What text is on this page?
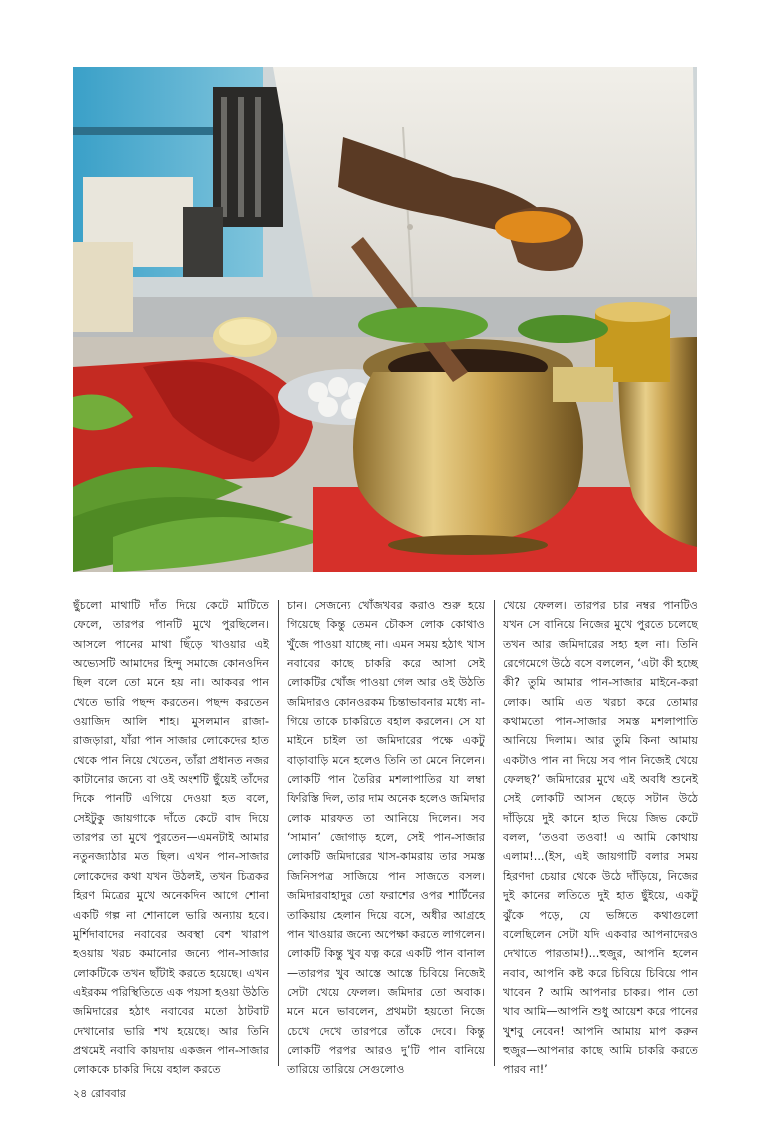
ছুঁচলো মাথাটি দাঁত দিয়ে কেটে মাটিতে ফেলে, তারপর পানটি মুখে পুরছিলেন। আসলে পানের মাথা ছিঁড়ে খাওয়ার এই অভ্যেসটি আমাদের হিন্দু সমাজে কোনওদিন ছিল বলে তো মনে হয় না। আকবর পান খেতে ভারি পছন্দ করতেন। পছন্দ করতেন ওয়াজিদ আলি শাহ। মুসলমান রাজা-রাজড়ারা, যাঁরা পান সাজার লোকেদের হাত থেকে পান নিয়ে খেতেন, তাঁরা প্রধানত নজর কাটানোর জন্যে বা ওই অংশটি ছুঁয়েই তাঁদের দিকে পানটি এগিয়ে দেওয়া হত বলে, সেইটুকু জায়গাকে দাঁতে কেটে বাদ দিয়ে তারপর তা মুখে পুরতেন—এমনটাই আমার নতুনজ্যাঠার মত ছিল। এখন পান-সাজার লোকেদের কথা যখন উঠলই, তখন চিত্রকর হিরণ মিত্রের মুখে অনেকদিন আগে শোনা একটি গল্প না শোনালে ভারি অন্যায় হবে। মুর্শিদাবাদের নবাবের অবস্থা বেশ খারাপ হওয়ায় খরচ কমানোর জন্যে পান-সাজার লোকটিকে তখন ছাঁটাই করতে হয়েছে। এখন এইরকম পরিস্থিতিতে এক পয়সা হওয়া উঠতি জমিদারের হঠাৎ নবাবের মতো ঠাটবাট দেখানোর ভারি শখ হয়েছে। আর তিনি প্রথমেই নবাবি কায়দায় একজন পান-সাজার লোককে চাকরি দিয়ে বহাল করতে
চান। সেজন্যে খোঁজখবর করাও শুরু হয়ে গিয়েছে কিন্তু তেমন চৌকস লোক কোথাও খুঁজে পাওয়া যাচ্ছে না। এমন সময় হঠাৎ খাস নবাবের কাছে চাকরি করে আসা সেই লোকটির খোঁজ পাওয়া গেল আর ওই উঠতি জমিদারও কোনওরকম চিন্তাভাবনার মধ্যে না-গিয়ে তাকে চাকরিতে বহাল করলেন। সে যা মাইনে চাইল তা জমিদারের পক্ষে একটু বাড়াবাড়ি মনে হলেও তিনি তা মেনে নিলেন। লোকটি পান তৈরির মশলাপাতির যা লম্বা ফিরিস্তি দিল, তার দাম অনেক হলেও জমিদার লোক মারফত তা আনিয়ে দিলেন। সব ‘সামান’ জোগাড় হলে, সেই পান-সাজার লোকটি জমিদারের খাস-কামরায় তার সমস্ত জিনিসপত্র সাজিয়ে পান সাজতে বসল। জমিদারবাহাদুর তো ফরাশের ওপর শার্টিনের তাকিয়ায় হেলান দিয়ে বসে, অধীর আগ্রহে পান খাওয়ার জন্যে অপেক্ষা করতে লাগলেন। লোকটি কিন্তু খুব যত্ন করে একটি পান বানাল—তারপর খুব আস্তে আস্তে চিবিয়ে নিজেই সেটা খেয়ে ফেলল। জমিদার তো অবাক। মনে মনে ভাবলেন, প্রথমটা হয়তো নিজে চেখে দেখে তারপরে তাঁকে দেবে। কিন্তু লোকটি পরপর আরও দু’টি পান বানিয়ে তারিয়ে তারিয়ে সেগুলোও
খেয়ে ফেলল। তারপর চার নম্বর পানটিও যখন সে বানিয়ে নিজের মুখে পুরতে চলেছে তখন আর জমিদারের সহ্য হল না। তিনি রেগেমেগে উঠে বসে বললেন, ‘এটা কী হচ্ছে কী? তুমি আমার পান-সাজার মাইনে-করা লোক। আমি এত খরচা করে তোমার কথামতো পান-সাজার সমস্ত মশলাপাতি আনিয়ে দিলাম। আর তুমি কিনা আমায় একটাও পান না দিয়ে সব পান নিজেই খেয়ে ফেলছ?’ জমিদারের মুখে এই অবধি শুনেই সেই লোকটি আসন ছেড়ে সটান উঠে দাঁড়িয়ে দুই কানে হাত দিয়ে জিভ কেটে বলল, ‘তওবা তওবা! এ আমি কোথায় এলাম!...(ইস, এই জায়গাটি বলার সময় হিরণদা চেয়ার থেকে উঠে দাঁড়িয়ে, নিজের দুই কানের লতিতে দুই হাত ছুঁইয়ে, একটু ঝুঁকে পড়ে, যে ভঙ্গিতে কথাগুলো বলেছিলেন সেটা যদি একবার আপনাদেরও দেখাতে পারতাম!)...হুজুর, আপনি হলেন নবাব, আপনি কষ্ট করে চিবিয়ে চিবিয়ে পান খাবেন ? আমি আপনার চাকর। পান তো খাব আমি—আপনি শুধু আয়েশ করে পানের খুশবু নেবেন! আপনি আমায় মাপ করুন হুজুর—আপনার কাছে আমি চাকরি করতে পারব না!’
২৪ রোববার
